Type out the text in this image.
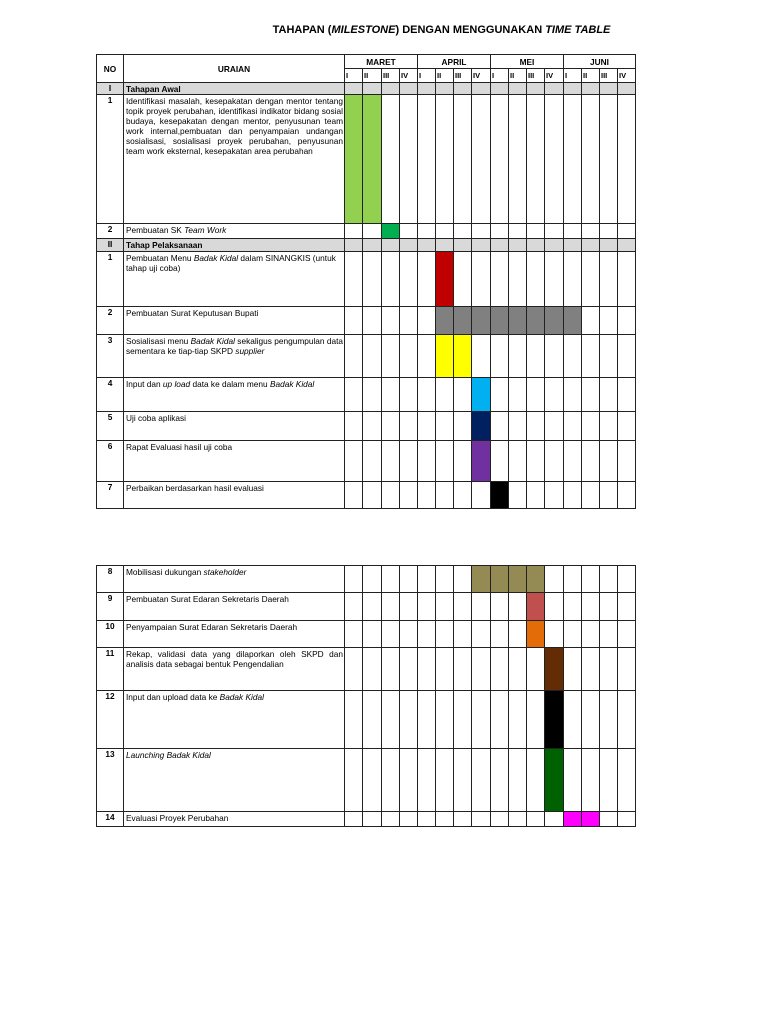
TAHAPAN (MILESTONE) DENGAN MENGGUNAKAN TIME TABLE
NO	URAIAN	MARET				APRIL				MEI				JUNI			
		I	II	III	IV	I	II	III	IV	I	II	III	IV	I	II	III	IV
I	Tahapan Awal																
1	Identifikasi masalah, kesepakatan dengan mentor tentang topik proyek perubahan, identifikasi indikator bidang sosial budaya, kesepakatan dengan mentor, penyusunan team work internal,pembuatan dan penyampaian undangan sosialisasi, sosialisasi proyek perubahan, penyusunan team work eksternal, kesepakatan area perubahan																
2	Pembuatan SK Team Work																
II	Tahap Pelaksanaan																
1	Pembuatan Menu Badak Kidal dalam SINANGKIS (untuk tahap uji coba)																
2	Pembuatan Surat Keputusan Bupati																
3	Sosialisasi menu Badak Kidal sekaligus pengumpulan data sementara ke tiap-tiap SKPD supplier																
4	Input dan up load data ke dalam menu Badak Kidal																
5	Uji coba aplikasi																
6	Rapat Evaluasi hasil uji coba																
7	Perbaikan berdasarkan hasil evaluasi																
8	Mobilisasi dukungan stakeholder																
9	Pembuatan Surat Edaran Sekretaris Daerah																
10	Penyampaian Surat Edaran Sekretaris Daerah																
11	Rekap, validasi data yang dilaporkan oleh SKPD dan analisis data sebagai bentuk Pengendalian																
12	Input dan upload data ke Badak Kidal																
13	Launching Badak Kidal																
14	Evaluasi Proyek Perubahan																
